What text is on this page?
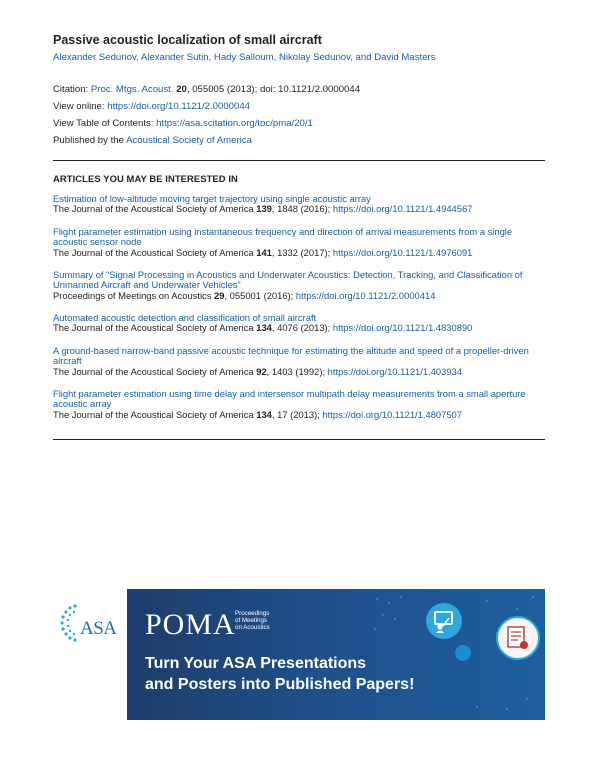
Passive acoustic localization of small aircraft
Alexander Sedunov, Alexander Sutin, Hady Salloum, Nikolay Sedunov, and David Masters
Citation: Proc. Mtgs. Acoust. 20, 055005 (2013); doi: 10.1121/2.0000044
View online: https://doi.org/10.1121/2.0000044
View Table of Contents: https://asa.scitation.org/toc/pma/20/1
Published by the Acoustical Society of America
ARTICLES YOU MAY BE INTERESTED IN
Estimation of low-altitude moving target trajectory using single acoustic array
The Journal of the Acoustical Society of America 139, 1848 (2016); https://doi.org/10.1121/1.4944567
Flight parameter estimation using instantaneous frequency and direction of arrival measurements from a single acoustic sensor node
The Journal of the Acoustical Society of America 141, 1332 (2017); https://doi.org/10.1121/1.4976091
Summary of “Signal Processing in Acoustics and Underwater Acoustics: Detection, Tracking, and Classification of Unmanned Aircraft and Underwater Vehicles”
Proceedings of Meetings on Acoustics 29, 055001 (2016); https://doi.org/10.1121/2.0000414
Automated acoustic detection and classification of small aircraft
The Journal of the Acoustical Society of America 134, 4076 (2013); https://doi.org/10.1121/1.4830890
A ground-based narrow-band passive acoustic technique for estimating the altitude and speed of a propeller-driven aircraft
The Journal of the Acoustical Society of America 92, 1403 (1992); https://doi.org/10.1121/1.403934
Flight parameter estimation using time delay and intersensor multipath delay measurements from a small aperture acoustic array
The Journal of the Acoustical Society of America 134, 17 (2013); https://doi.org/10.1121/1.4807507
ASA POMA Proceedings
of Meetings
on Acoustics
Turn Your ASA Presentations
and Posters into Published Papers!
